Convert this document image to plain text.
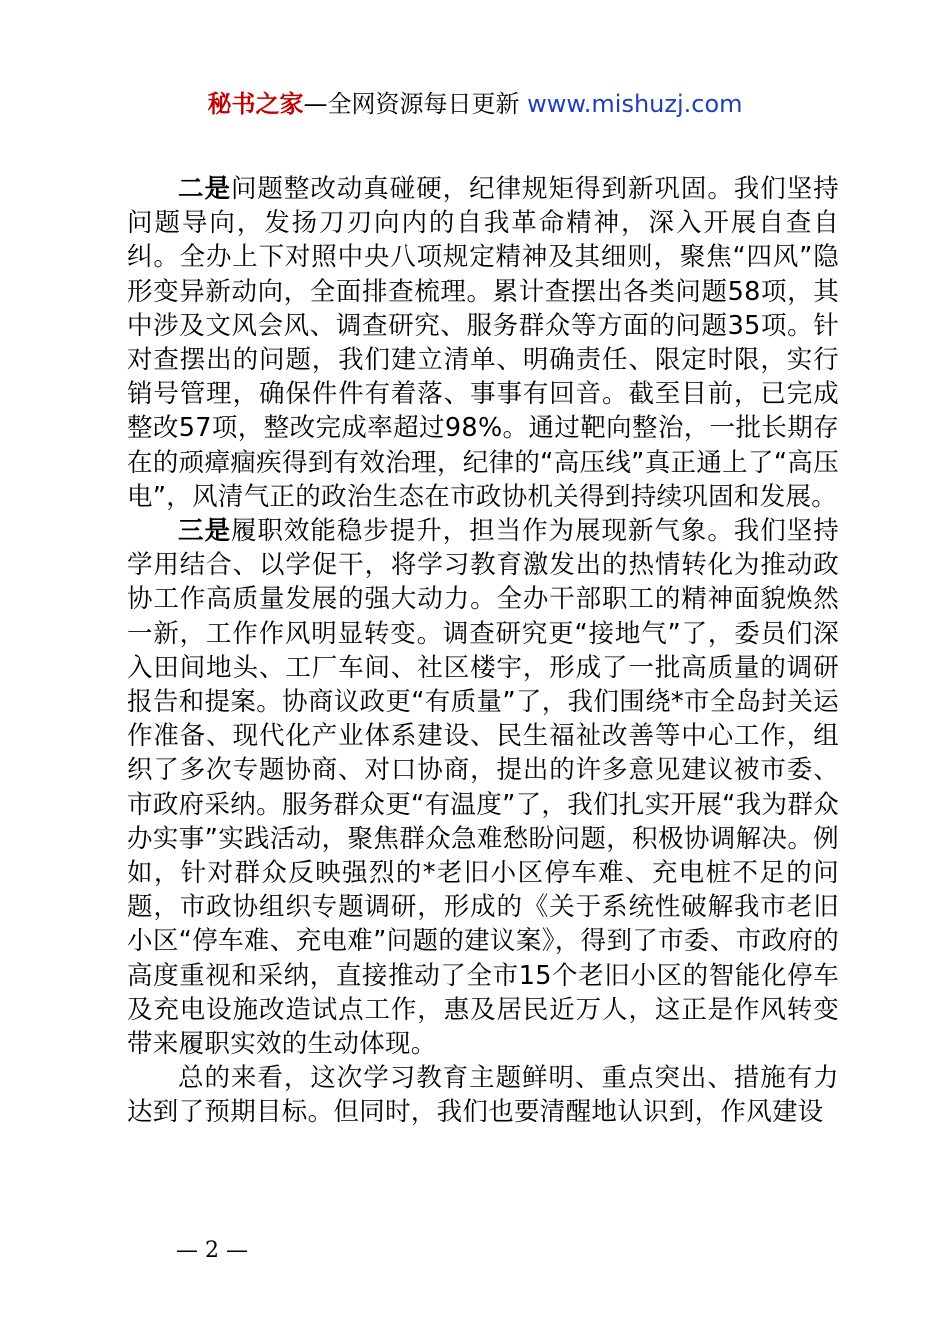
秘书之家—全网资源每日更新 www.mishuzj.com

二是问题整改动真碰硬，纪律规矩得到新巩固。我们坚持问题导向，发扬刀刃向内的自我革命精神，深入开展自查自纠。全办上下对照中央八项规定精神及其细则，聚焦“四风”隐形变异新动向，全面排查梳理。累计查摆出各类问题58项，其中涉及文风会风、调查研究、服务群众等方面的问题35项。针对查摆出的问题，我们建立清单、明确责任、限定时限，实行销号管理，确保件件有着落、事事有回音。截至目前，已完成整改57项，整改完成率超过98%。通过靶向整治，一批长期存在的顽瘴痼疾得到有效治理，纪律的“高压线”真正通上了“高压电”，风清气正的政治生态在市政协机关得到持续巩固和发展。

三是履职效能稳步提升，担当作为展现新气象。我们坚持学用结合、以学促干，将学习教育激发出的热情转化为推动政协工作高质量发展的强大动力。全办干部职工的精神面貌焕然一新，工作作风明显转变。调查研究更“接地气”了，委员们深入田间地头、工厂车间、社区楼宇，形成了一批高质量的调研报告和提案。协商议政更“有质量”了，我们围绕*市全岛封关运作准备、现代化产业体系建设、民生福祉改善等中心工作，组织了多次专题协商、对口协商，提出的许多意见建议被市委、市政府采纳。服务群众更“有温度”了，我们扎实开展“我为群众办实事”实践活动，聚焦群众急难愁盼问题，积极协调解决。例如，针对群众反映强烈的*老旧小区停车难、充电桩不足的问题，市政协组织专题调研，形成的《关于系统性破解我市老旧小区“停车难、充电难”问题的建议案》，得到了市委、市政府的高度重视和采纳，直接推动了全市15个老旧小区的智能化停车及充电设施改造试点工作，惠及居民近万人，这正是作风转变带来履职实效的生动体现。

总的来看，这次学习教育主题鲜明、重点突出、措施有力达到了预期目标。但同时，我们也要清醒地认识到，作风建设

— 2 —
